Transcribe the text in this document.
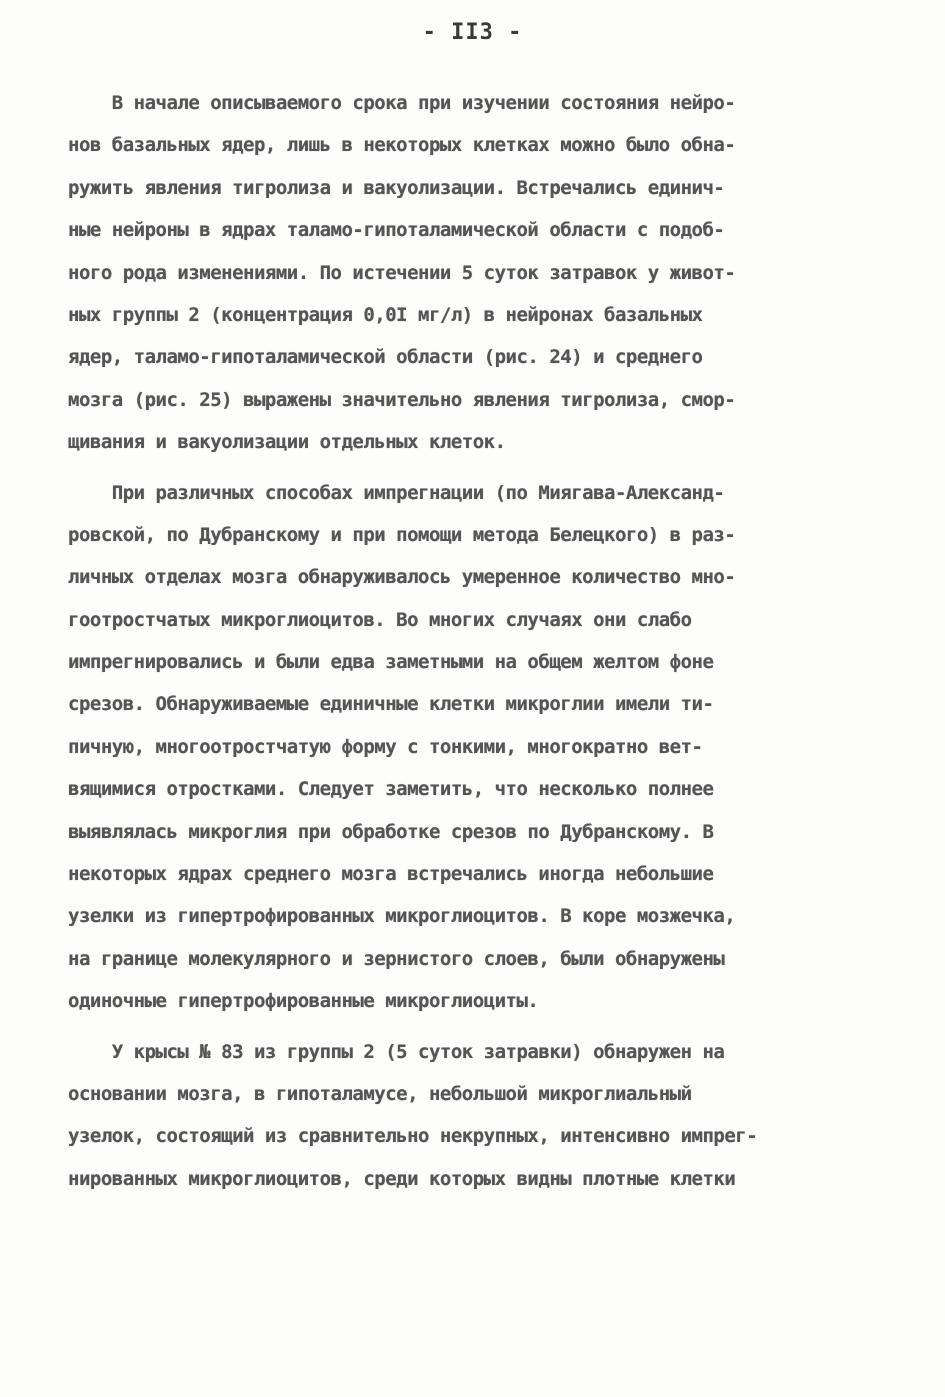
- II3 -
В начале описываемого срока при изучении состояния нейро-
нов базальных ядер, лишь в некоторых клетках можно было обна-
ружить явления тигролиза и вакуолизации. Встречались единич-
ные нейроны в ядрах таламо-гипоталамической области с подоб-
ного рода изменениями. По истечении 5 суток затравок у живот-
ных группы 2 (концентрация 0,0I мг/л) в нейронах базальных
ядер, таламо-гипоталамической области (рис. 24) и среднего
мозга (рис. 25) выражены значительно явления тигролиза, смор-
щивания и вакуолизации отдельных клеток.
При различных способах импрегнации (по Миягава-Александ-
ровской, по Дубранскому и при помощи метода Белецкого) в раз-
личных отделах мозга обнаруживалось умеренное количество мно-
гоотростчатых микроглиоцитов. Во многих случаях они слабо
импрегнировались и были едва заметными на общем желтом фоне
срезов. Обнаруживаемые единичные клетки микроглии имели ти-
пичную, многоотростчатую форму с тонкими, многократно вет-
вящимися отростками. Следует заметить, что несколько полнее
выявлялась микроглия при обработке срезов по Дубранскому. В
некоторых ядрах среднего мозга встречались иногда небольшие
узелки из гипертрофированных микроглиоцитов. В коре мозжечка,
на границе молекулярного и зернистого слоев, были обнаружены
одиночные гипертрофированные микроглиоциты.
У крысы № 83 из группы 2 (5 суток затравки) обнаружен на
основании мозга, в гипоталамусе, небольшой микроглиальный
узелок, состоящий из сравнительно некрупных, интенсивно импрег-
нированных микроглиоцитов, среди которых видны плотные клетки
